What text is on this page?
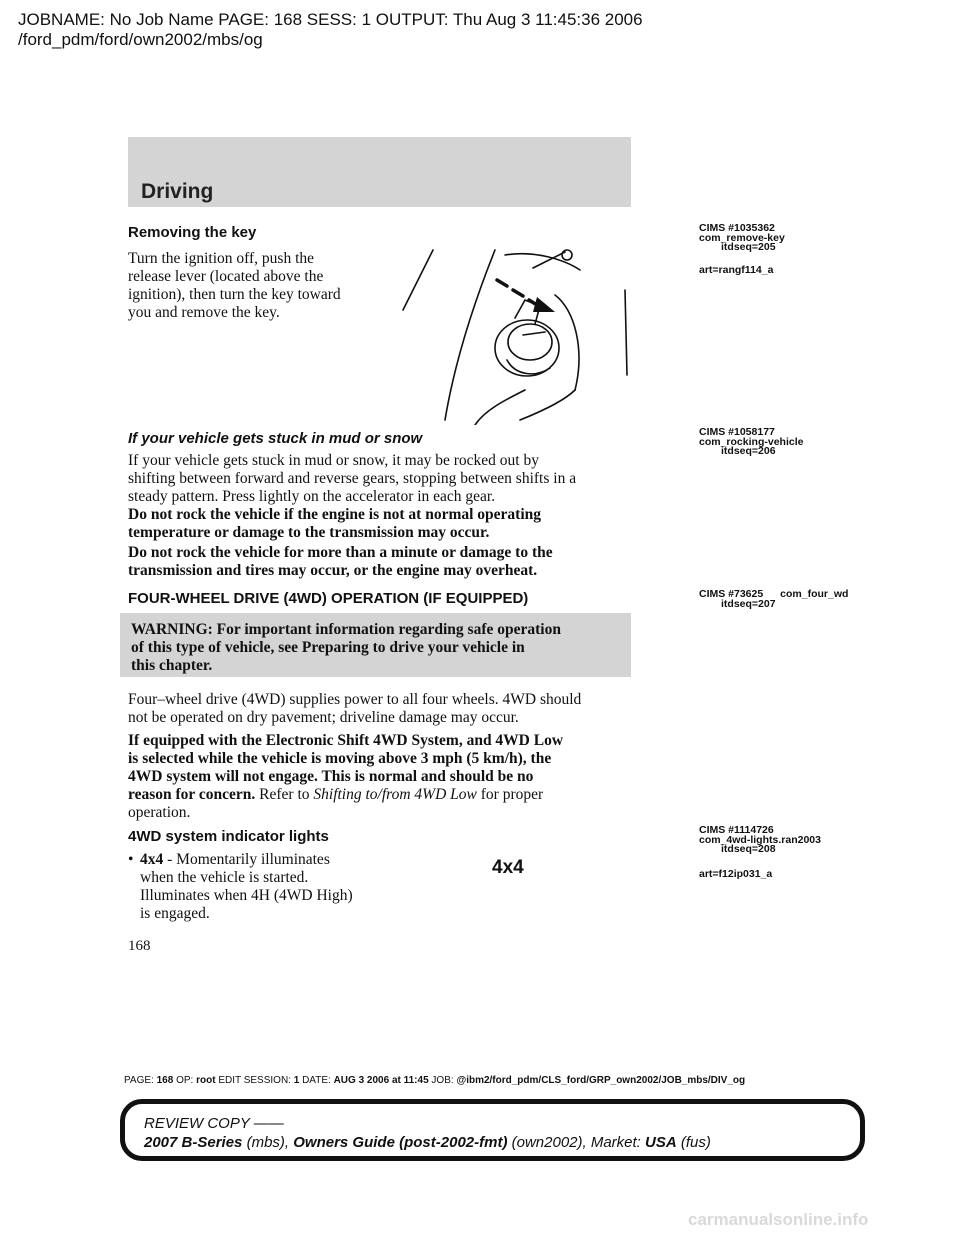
JOBNAME: No Job Name PAGE: 168 SESS: 1 OUTPUT: Thu Aug 3 11:45:36 2006
/ford_pdm/ford/own2002/mbs/og
Driving
Removing the key
Turn the ignition off, push the
release lever (located above the
ignition), then turn the key toward
you and remove the key.
CIMS #1035362
com_remove-key
itdseq=205
art=rangf114_a
If your vehicle gets stuck in mud or snow
If your vehicle gets stuck in mud or snow, it may be rocked out by
shifting between forward and reverse gears, stopping between shifts in a
steady pattern. Press lightly on the accelerator in each gear.
Do not rock the vehicle if the engine is not at normal operating
temperature or damage to the transmission may occur.
Do not rock the vehicle for more than a minute or damage to the
transmission and tires may occur, or the engine may overheat.
CIMS #1058177
com_rocking-vehicle
itdseq=206
FOUR-WHEEL DRIVE (4WD) OPERATION (IF EQUIPPED)
WARNING: For important information regarding safe operation
of this type of vehicle, see Preparing to drive your vehicle in
this chapter.
Four–wheel drive (4WD) supplies power to all four wheels. 4WD should
not be operated on dry pavement; driveline damage may occur.
If equipped with the Electronic Shift 4WD System, and 4WD Low
is selected while the vehicle is moving above 3 mph (5 km/h), the
4WD system will not engage. This is normal and should be no
reason for concern. Refer to Shifting to/from 4WD Low for proper
operation.
CIMS #73625 com_four_wd
itdseq=207
4WD system indicator lights
• 4x4 - Momentarily illuminates
when the vehicle is started.
Illuminates when 4H (4WD High)
is engaged.
4x4
CIMS #1114726
com_4wd-lights.ran2003
itdseq=208
art=f12ip031_a
168
PAGE: 168 OP: root EDIT SESSION: 1 DATE: AUG 3 2006 at 11:45 JOB: @ibm2/ford_pdm/CLS_ford/GRP_own2002/JOB_mbs/DIV_og
REVIEW COPY ——
2007 B-Series (mbs), Owners Guide (post-2002-fmt) (own2002), Market: USA (fus)
carmanualsonline.info
